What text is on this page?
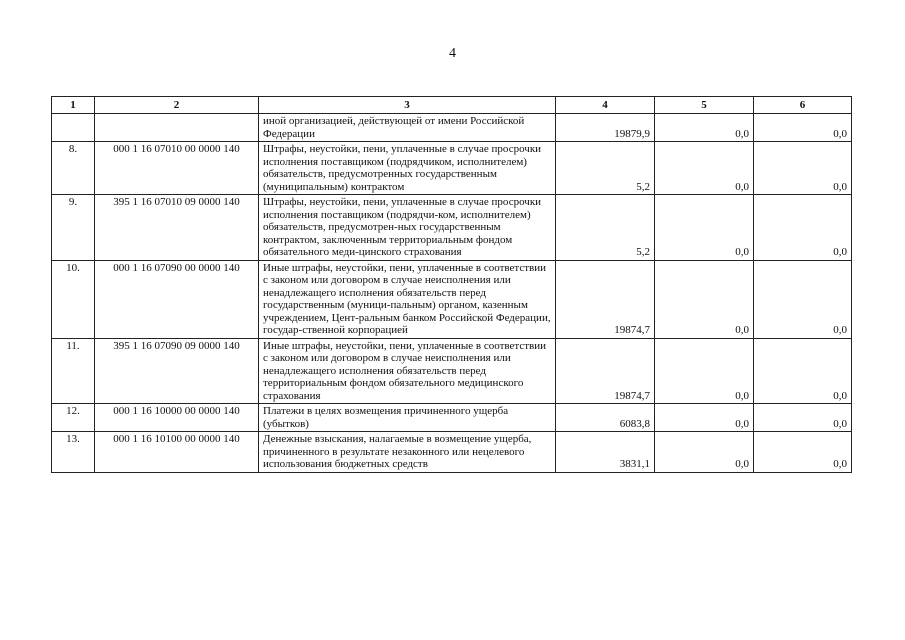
4
1	2	3	4	5	6
		иной организацией, действующей от имени Российской Федерации	19879,9	0,0	0,0
8.	000 1 16 07010 00 0000 140	Штрафы, неустойки, пени, уплаченные в случае просрочки исполнения поставщиком (подрядчиком, исполнителем) обязательств, предусмотренных государственным (муниципальным) контрактом	5,2	0,0	0,0
9.	395 1 16 07010 09 0000 140	Штрафы, неустойки, пени, уплаченные в случае просрочки исполнения поставщиком (подрядчи-ком, исполнителем) обязательств, предусмотрен-ных государственным контрактом, заключенным территориальным фондом обязательного меди-цинского страхования	5,2	0,0	0,0
10.	000 1 16 07090 00 0000 140	Иные штрафы, неустойки, пени, уплаченные в соответствии с законом или договором в случае неисполнения или ненадлежащего исполнения обязательств перед государственным (муници-пальным) органом, казенным учреждением, Цент-ральным банком Российской Федерации, государ-ственной корпорацией	19874,7	0,0	0,0
11.	395 1 16 07090 09 0000 140	Иные штрафы, неустойки, пени, уплаченные в соответствии с законом или договором в случае неисполнения или ненадлежащего исполнения обязательств перед территориальным фондом обязательного медицинского страхования	19874,7	0,0	0,0
12.	000 1 16 10000 00 0000 140	Платежи в целях возмещения причиненного ущерба (убытков)	6083,8	0,0	0,0
13.	000 1 16 10100 00 0000 140	Денежные взыскания, налагаемые в возмещение ущерба, причиненного в результате незаконного или нецелевого использования бюджетных средств	3831,1	0,0	0,0
